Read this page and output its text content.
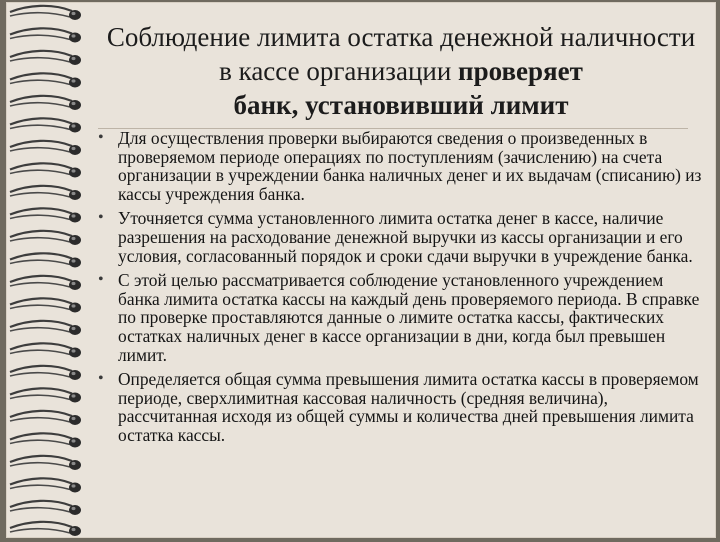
Соблюдение лимита остатка денежной наличности в кассе организации проверяет
банк, установивший лимит
• Для осуществления проверки выбираются сведения о произведенных в проверяемом периоде операциях по поступлениям (зачислению) на счета организации в учреждении банка наличных денег и их выдачам (списанию) из кассы учреждения банка.
• Уточняется сумма установленного лимита остатка денег в кассе, наличие разрешения на расходование денежной выручки из кассы организации и его условия, согласованный порядок и сроки сдачи выручки в учреждение банка.
• С этой целью рассматривается соблюдение установленного учреждением банка лимита остатка кассы на каждый день проверяемого периода. В справке по проверке проставляются данные о лимите остатка кассы, фактических остатках наличных денег в кассе организации в дни, когда был превышен лимит.
• Определяется общая сумма превышения лимита остатка кассы в проверяемом периоде, сверхлимитная кассовая наличность (средняя величина), рассчитанная исходя из общей суммы и количества дней превышения лимита остатка кассы.
